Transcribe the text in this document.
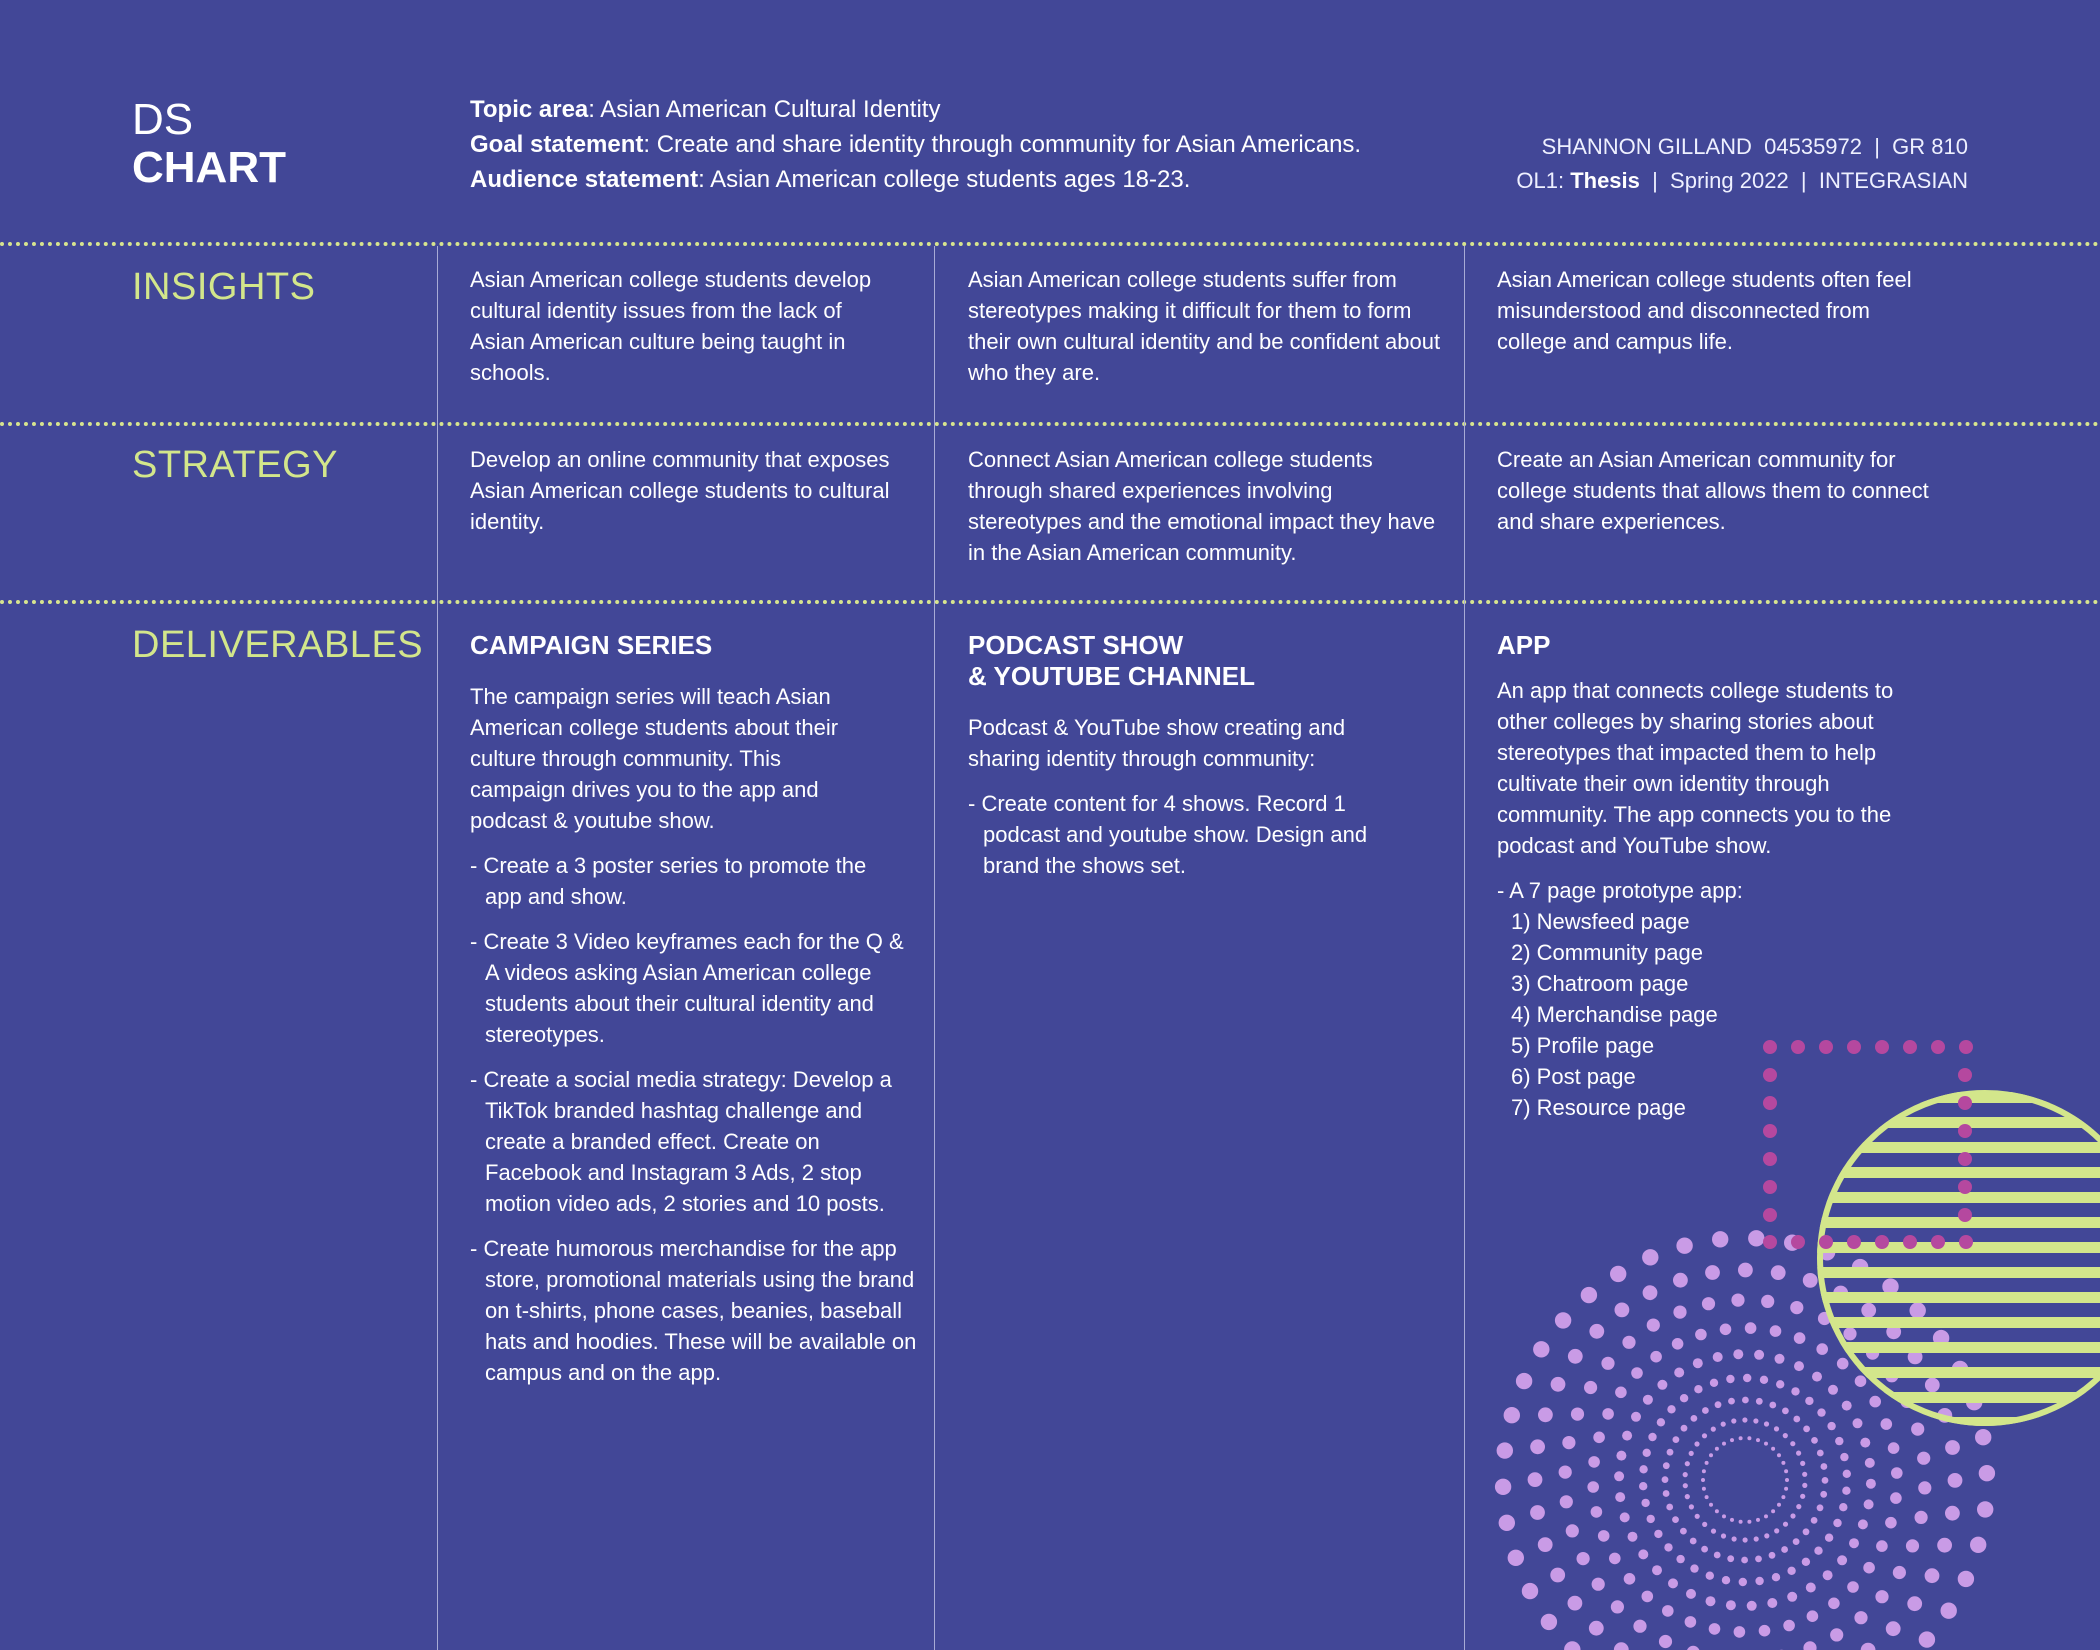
DS
CHART
Topic area: Asian American Cultural Identity
Goal statement: Create and share identity through community for Asian Americans.
Audience statement: Asian American college students ages 18-23.
SHANNON GILLAND  04535972  |  GR 810
OL1: Thesis  |  Spring 2022  |  INTEGRASIAN
INSIGHTS
STRATEGY
DELIVERABLES
Asian American college students develop cultural identity issues from the lack of Asian American culture being taught in schools.
Asian American college students suffer from stereotypes making it difficult for them to form their own cultural identity and be confident about who they are.
Asian American college students often feel misunderstood and disconnected from college and campus life.
Develop an online community that exposes Asian American college students to cultural identity.
Connect Asian American college students through shared experiences involving stereotypes and the emotional impact they have in the Asian American community.
Create an Asian American community for college students that allows them to connect and share experiences.
CAMPAIGN SERIES

The campaign series will teach Asian American college students about their culture through community. This campaign drives you to the app and podcast & youtube show.

- Create a 3 poster series to promote the app and show.
- Create 3 Video keyframes each for the Q & A videos asking Asian American college students about their cultural identity and stereotypes.
- Create a social media strategy: Develop a TikTok branded hashtag challenge and create a branded effect. Create on Facebook and Instagram 3 Ads, 2 stop motion video ads, 2 stories and 10 posts.
- Create humorous merchandise for the app store, promotional materials using the brand on t-shirts, phone cases, beanies, baseball hats and hoodies. These will be available on campus and on the app.
PODCAST SHOW
& YOUTUBE CHANNEL

Podcast & YouTube show creating and sharing identity through community:

- Create content for 4 shows. Record 1 podcast and youtube show. Design and brand the shows set.
APP

An app that connects college students to other colleges by sharing stories about stereotypes that impacted them to help cultivate their own identity through community. The app connects you to the podcast and YouTube show.

- A 7 page prototype app:
1) Newsfeed page
2) Community page
3) Chatroom page
4) Merchandise page
5) Profile page
6) Post page
7) Resource page
